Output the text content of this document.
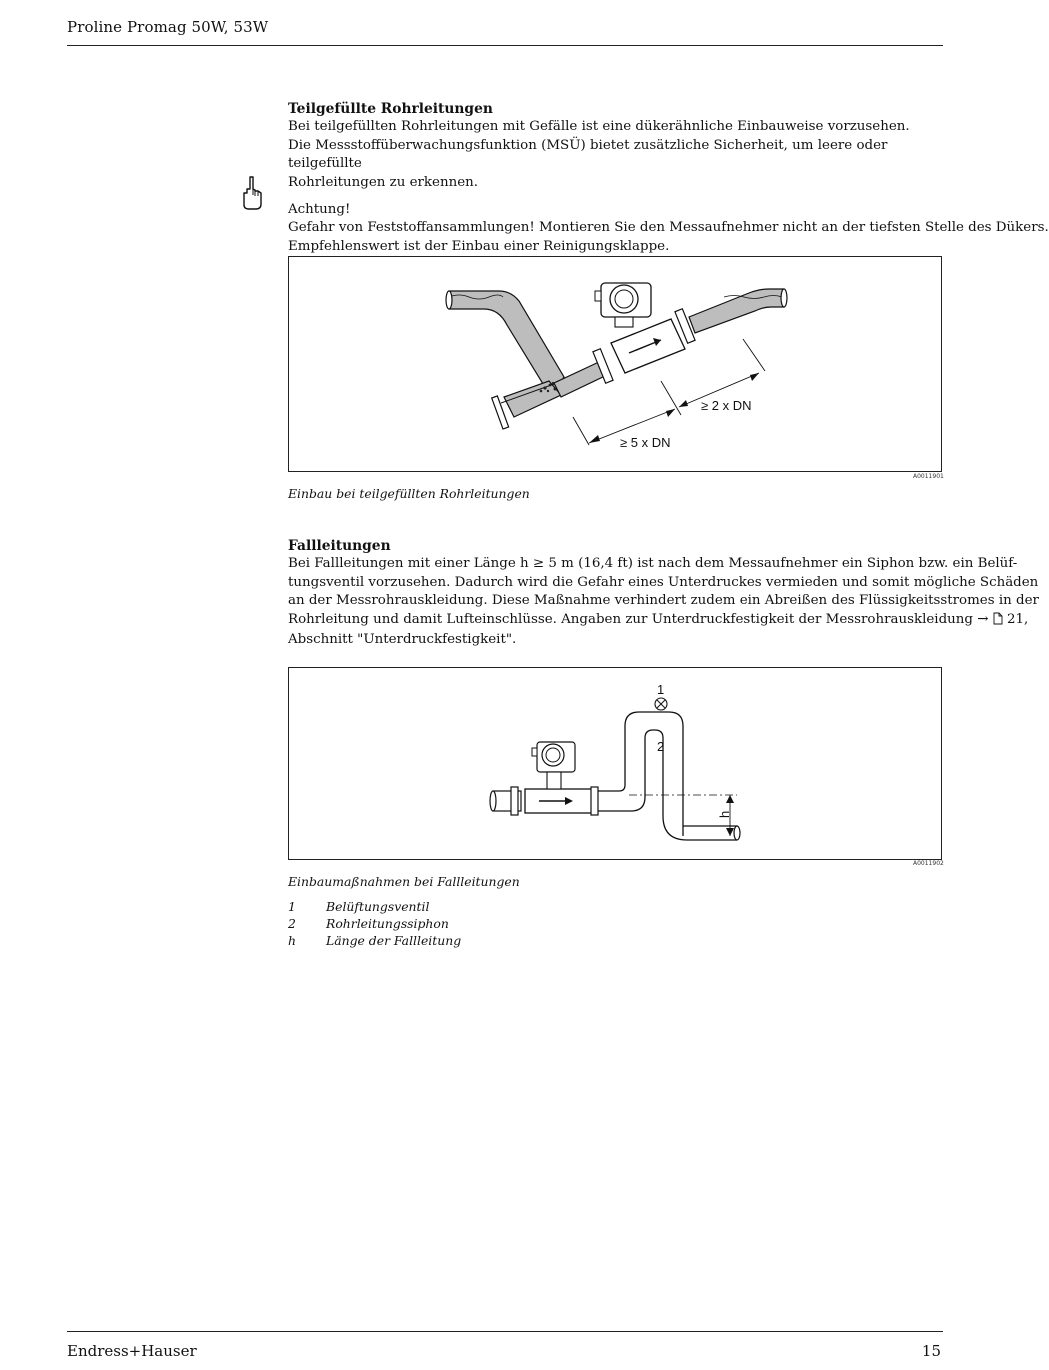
Proline Promag 50W, 53W

Teilgefüllte Rohrleitungen

Bei teilgefüllten Rohrleitungen mit Gefälle ist eine dükerähnliche Einbauweise vorzusehen.

Die Messstoffüberwachungsfunktion (MSÜ) bietet zusätzliche Sicherheit, um leere oder teilgefüllte

Rohrleitungen zu erkennen.

Achtung!

Gefahr von Feststoffansammlungen! Montieren Sie den Messaufnehmer nicht an der tiefsten Stelle des Dükers.

Empfehlenswert ist der Einbau einer Reinigungsklappe.

≥ 2 x DN
≥ 5 x DN
A0011901
Einbau bei teilgefüllten Rohrleitungen

Fallleitungen

Bei Fallleitungen mit einer Länge h ≥ 5 m (16,4 ft) ist nach dem Messaufnehmer ein Siphon bzw. ein Belüf-

tungsventil vorzusehen. Dadurch wird die Gefahr eines Unterdruckes vermieden und somit mögliche Schäden

an der Messrohrauskleidung. Diese Maßnahme verhindert zudem ein Abreißen des Flüssigkeitsstromes in der

Rohrleitung und damit Lufteinschlüsse. Angaben zur Unterdruckfestigkeit der Messrohrauskleidung →  21,

Abschnitt "Unterdruckfestigkeit".

h
1
2
A0011902
Einbaumaßnahmen bei Fallleitungen
1 Belüftungsventil
2 Rohrleitungssiphon
h Länge der Fallleitung
Endress+Hauser	15
